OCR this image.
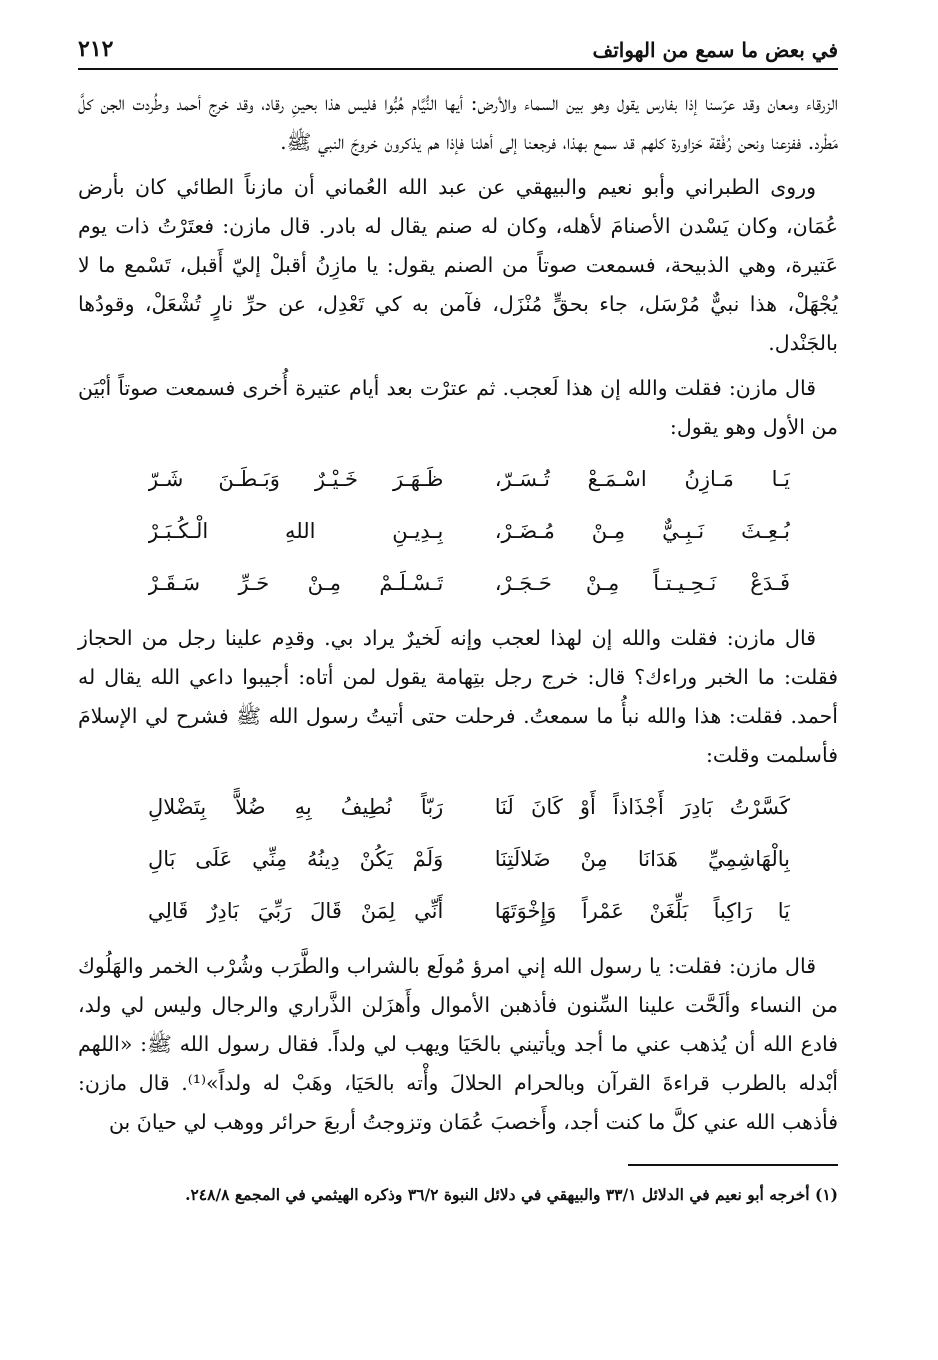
في بعض ما سمع من الهواتف
٢١٢

الزرقاء ومعان وقد عرّسنا إذا بفارس يقول وهو بين السماء والأرض: أيها النُّيَّام هُبُّوا فليس هذا بحينِ رقاد، وقد خرج أحمد وطُردت الجن كلَّ مَطْرد. ففزعنا ونحن رُفْقة حَزاورة كلهم قد سمع بهذا، فرجعنا إلى أهلنا فإذا هم يذكرون خروجَ النبي ﷺ.

وروى الطبراني وأبو نعيم والبيهقي عن عبد الله العُماني أن مازناً الطائي كان بأرض عُمَان، وكان يَسْدن الأصنامَ لأهله، وكان له صنم يقال له بادر. قال مازن: فعتَرْتُ ذات يوم عَتيرة، وهي الذبيحة، فسمعت صوتاً من الصنم يقول: يا مازِنُ أقبلْ إليّ أَقبل، تَسْمع ما لا يُجْهَلْ، هذا نبيٌّ مُرْسَل، جاء بحقٍّ مُنْزَل، فآمن به كي تَعْدِل، عن حرِّ نارٍ تُشْعَلْ، وقودُها بالجَنْدل.

قال مازن: فقلت والله إن هذا لَعجب. ثم عترْت بعد أيام عتيرة أُخرى فسمعت صوتاً أبْيَن من الأول وهو يقول:

يَـا مَـازِنُ اسْـمَـعْ تُـسَـرّ،
ظَـهَـرَ خَـيْـرٌ وَبَـطَـنَ شَـرّ
بُـعِـثَ نَـبِـيٌّ مِـنْ مُـضَـرْ،
بِـدِيـنِ اللهِ الْـكُـبَـرْ
فَـدَعْ نَـحِـيـتـاً مِـنْ حَـجَـرْ،
تَـسْـلَـمْ مِـنْ حَـرِّ سَـقَـرْ

قال مازن: فقلت والله إن لهذا لعجب وإنه لَخيرٌ يراد بي. وقدِم علينا رجل من الحجاز فقلت: ما الخبر وراءك؟ قال: خرج رجل بتِهامة يقول لمن أتاه: أجيبوا داعي الله يقال له أحمد. فقلت: هذا والله نبأُ ما سمعتُ. فرحلت حتى أتيتُ رسول الله ﷺ فشرح لي الإسلامَ فأسلمت وقلت:

كَسَّرْتُ بَادِرَ أَجْذَاذاً أَوْ كَانَ لَنَا
رَبّاً نُطِيفُ بِهِ ضُلاًّ بِتَضْلالِ
بِالْهَاشِمِيِّ هَدَانَا مِنْ ضَلالَتِنَا
وَلَمْ يَكُنْ دِينُهُ مِنِّي عَلَى بَالِ
يَا رَاكِباً بَلِّغَنْ عَمْراً وَإِخْوَتَهَا
أَنِّي لِمَنْ قَالَ رَبِّيَ بَادِرٌ قَالِي

قال مازن: فقلت: يا رسول الله إني امرؤ مُولَع بالشراب والطَّرَب وشُرْب الخمر والهَلُوك من النساء وألَحَّت علينا السِّنون فأذهبن الأموال وأَهزَلن الذَّراري والرجال وليس لي ولد، فادع الله أن يُذهب عني ما أجد ويأتيني بالحَيَا ويهب لي ولداً. فقال رسول الله ﷺ: «اللهم أبْدله بالطرب قراءةَ القرآن وبالحرام الحلالَ وأْته بالحَيَا، وهَبْ له ولداً»⁽¹⁾. قال مازن: فأذهب الله عني كلَّ ما كنت أجد، وأَخصبَ عُمَان وتزوجتُ أربعَ حرائر ووهب لي حيانَ بن

(١) أخرجه أبو نعيم في الدلائل ٣٣/١ والبيهقي في دلائل النبوة ٣٦/٢ وذكره الهيثمي في المجمع ٢٤٨/٨.
